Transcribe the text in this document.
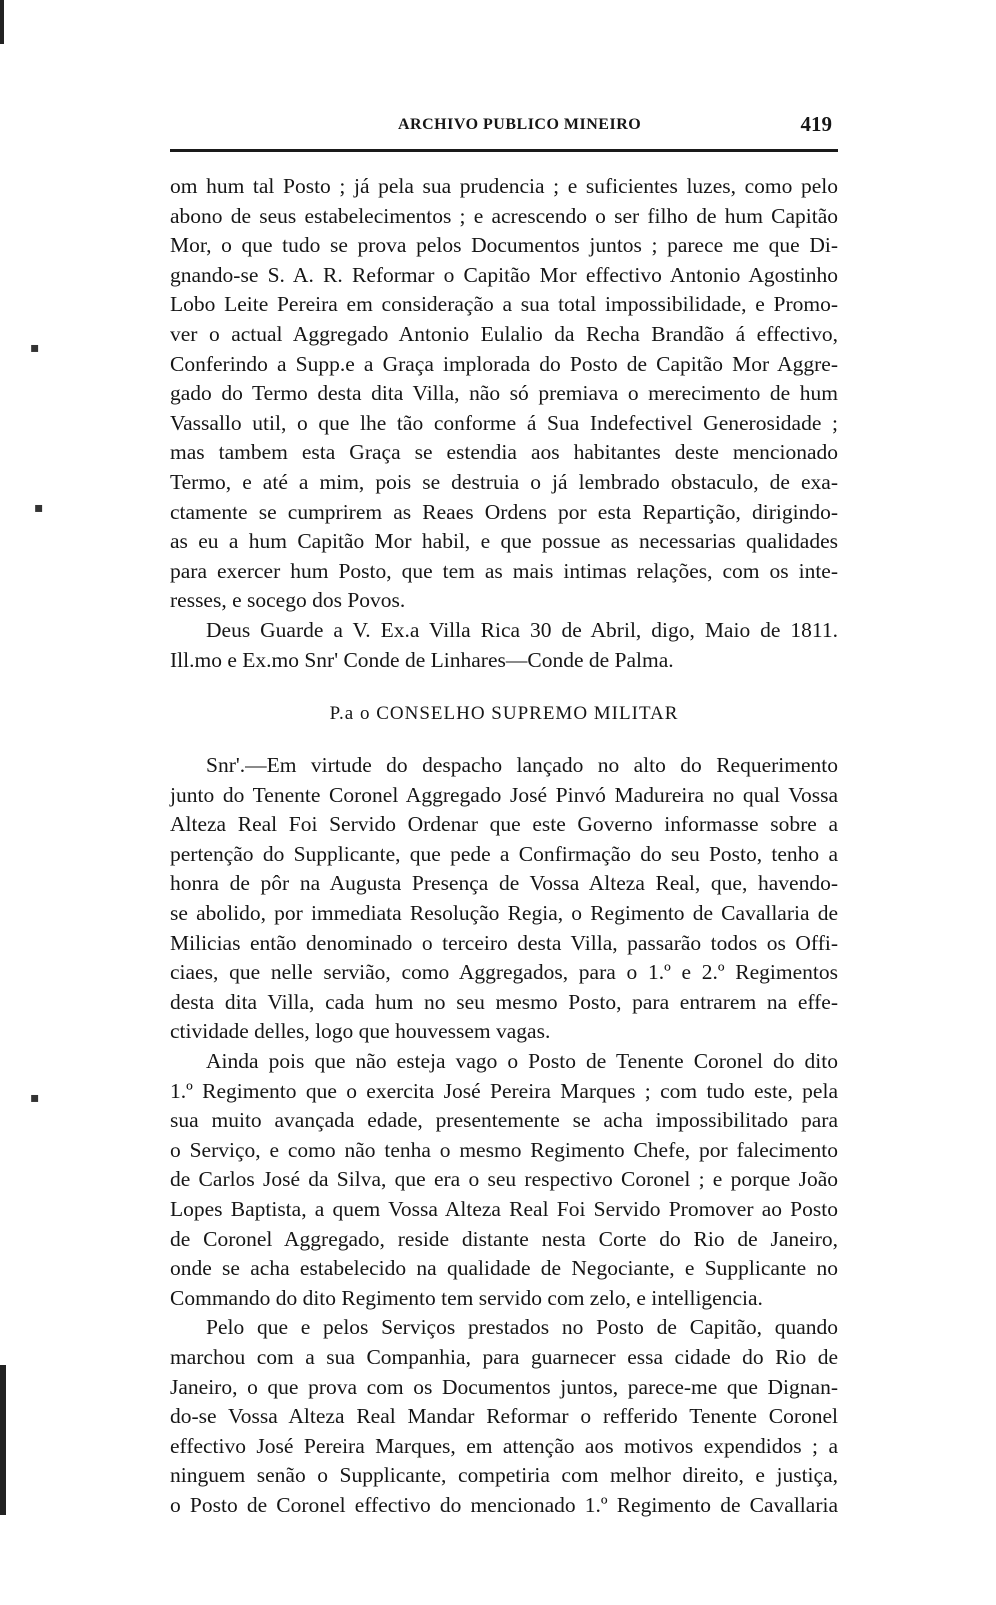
▪
▪
▪
ARCHIVO PUBLICO MINEIRO	419
om hum tal Posto ; já pela sua prudencia ; e suficientes luzes, como pelo
abono de seus estabelecimentos ; e acrescendo o ser filho de hum Capitão
Mor, o que tudo se prova pelos Documentos juntos ; parece me que Di-
gnando-se S. A. R. Reformar o Capitão Mor effectivo Antonio Agostinho
Lobo Leite Pereira em consideração a sua total impossibilidade, e Promo-
ver o actual Aggregado Antonio Eulalio da Recha Brandão á effectivo,
Conferindo a Supp.e a Graça implorada do Posto de Capitão Mor Aggre-
gado do Termo desta dita Villa, não só premiava o merecimento de hum
Vassallo util, o que lhe tão conforme á Sua Indefectivel Generosidade ;
mas tambem esta Graça se estendia aos habitantes deste mencionado
Termo, e até a mim, pois se destruia o já lembrado obstaculo, de exa-
ctamente se cumprirem as Reaes Ordens por esta Repartição, dirigindo-
as eu a hum Capitão Mor habil, e que possue as necessarias qualidades
para exercer hum Posto, que tem as mais intimas relações, com os inte-
resses, e socego dos Povos.
Deus Guarde a V. Ex.a Villa Rica 30 de Abril, digo, Maio de 1811.
Ill.mo e Ex.mo Snr' Conde de Linhares—Conde de Palma.
P.a o CONSELHO SUPREMO MILITAR
Snr'.—Em virtude do despacho lançado no alto do Requerimento
junto do Tenente Coronel Aggregado José Pinvó Madureira no qual Vossa
Alteza Real Foi Servido Ordenar que este Governo informasse sobre a
pertenção do Supplicante, que pede a Confirmação do seu Posto, tenho a
honra de pôr na Augusta Presença de Vossa Alteza Real, que, havendo-
se abolido, por immediata Resolução Regia, o Regimento de Cavallaria de
Milicias então denominado o terceiro desta Villa, passarão todos os Offi-
ciaes, que nelle servião, como Aggregados, para o 1.º e 2.º Regimentos
desta dita Villa, cada hum no seu mesmo Posto, para entrarem na effe-
ctividade delles, logo que houvessem vagas.
Ainda pois que não esteja vago o Posto de Tenente Coronel do dito
1.º Regimento que o exercita José Pereira Marques ; com tudo este, pela
sua muito avançada edade, presentemente se acha impossibilitado para
o Serviço, e como não tenha o mesmo Regimento Chefe, por falecimento
de Carlos José da Silva, que era o seu respectivo Coronel ; e porque João
Lopes Baptista, a quem Vossa Alteza Real Foi Servido Promover ao Posto
de Coronel Aggregado, reside distante nesta Corte do Rio de Janeiro,
onde se acha estabelecido na qualidade de Negociante, e Supplicante no
Commando do dito Regimento tem servido com zelo, e intelligencia.
Pelo que e pelos Serviços prestados no Posto de Capitão, quando
marchou com a sua Companhia, para guarnecer essa cidade do Rio de
Janeiro, o que prova com os Documentos juntos, parece-me que Dignan-
do-se Vossa Alteza Real Mandar Reformar o refferido Tenente Coronel
effectivo José Pereira Marques, em attenção aos motivos expendidos ; a
ninguem senão o Supplicante, competiria com melhor direito, e justiça,
o Posto de Coronel effectivo do mencionado 1.º Regimento de Cavallaria
